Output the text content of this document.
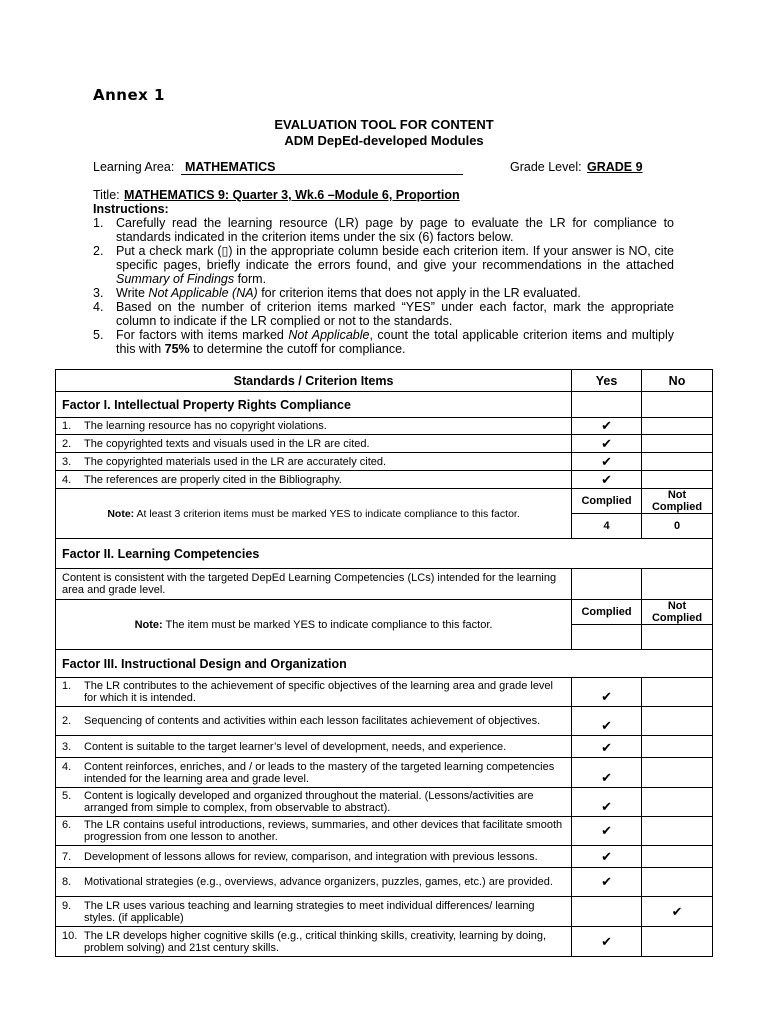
Annex 1
EVALUATION TOOL FOR CONTENT
ADM DepEd-developed Modules
Learning Area: MATHEMATICS	Grade Level: GRADE 9
Title: MATHEMATICS 9: Quarter 3, Wk.6 –Module 6, Proportion
Instructions:
1. Carefully read the learning resource (LR) page by page to evaluate the LR for compliance to standards indicated in the criterion items under the six (6) factors below.
2. Put a check mark (▯) in the appropriate column beside each criterion item. If your answer is NO, cite specific pages, briefly indicate the errors found, and give your recommendations in the attached Summary of Findings form.
3. Write Not Applicable (NA) for criterion items that does not apply in the LR evaluated.
4. Based on the number of criterion items marked “YES” under each factor, mark the appropriate column to indicate if the LR complied or not to the standards.
5. For factors with items marked Not Applicable, count the total applicable criterion items and multiply this with 75% to determine the cutoff for compliance.
Standards / Criterion Items	Yes	No
Factor I. Intellectual Property Rights Compliance		

1. The learning resource has no copyright violations.	✔	

2. The copyrighted texts and visuals used in the LR are cited.	✔	

3. The copyrighted materials used in the LR are accurately cited.	✔	

4. The references are properly cited in the Bibliography.	✔	
Note: At least 3 criterion items must be marked YES to indicate compliance to this factor.	Complied	Not Complied
	4	0
Factor II. Learning Competencies		
Content is consistent with the targeted DepEd Learning Competencies (LCs) intended for the learning area and grade level.		
Note: The item must be marked YES to indicate compliance to this factor.	Complied	Not Complied

Factor III. Instructional Design and Organization		

1. The LR contributes to the achievement of specific objectives of the learning area and grade level for which it is intended.	✔	

2. Sequencing of contents and activities within each lesson facilitates achievement of objectives.	✔	

3. Content is suitable to the target learner’s level of development, needs, and experience.	✔	

4. Content reinforces, enriches, and / or leads to the mastery of the targeted learning competencies intended for the learning area and grade level.	✔	

5. Content is logically developed and organized throughout the material. (Lessons/activities are arranged from simple to complex, from observable to abstract).	✔	

6. The LR contains useful introductions, reviews, summaries, and other devices that facilitate smooth progression from one lesson to another.	✔	

7. Development of lessons allows for review, comparison, and integration with previous lessons.	✔	

8. Motivational strategies (e.g., overviews, advance organizers, puzzles, games, etc.) are provided.	✔	

9. The LR uses various teaching and learning strategies to meet individual differences/ learning styles. (if applicable)		✔

10. The LR develops higher cognitive skills (e.g., critical thinking skills, creativity, learning by doing, problem solving) and 21st century skills.	✔	
